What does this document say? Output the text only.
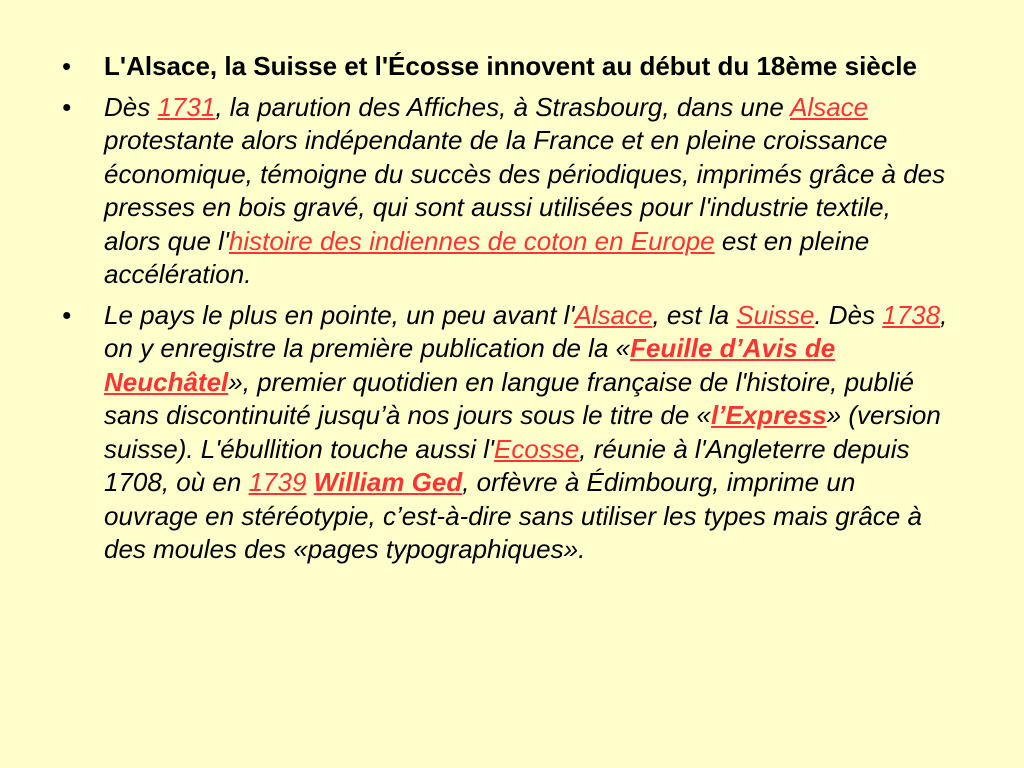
•	L'Alsace, la Suisse et l'Écosse innovent au début du 18ème siècle
•	Dès 1731, la parution des Affiches, à Strasbourg, dans une Alsace protestante alors indépendante de la France et en pleine croissance économique, témoigne du succès des périodiques, imprimés grâce à des presses en bois gravé, qui sont aussi utilisées pour l'industrie textile, alors que l'histoire des indiennes de coton en Europe est en pleine accélération.
•	Le pays le plus en pointe, un peu avant l'Alsace, est la Suisse. Dès 1738, on y enregistre la première publication de la «Feuille d’Avis de Neuchâtel», premier quotidien en langue française de l'histoire, publié sans discontinuité jusqu’à nos jours sous le titre de «l’Express» (version suisse). L'ébullition touche aussi l'Ecosse, réunie à l'Angleterre depuis 1708, où en 1739 William Ged, orfèvre à Édimbourg, imprime un ouvrage en stéréotypie, c’est-à-dire sans utiliser les types mais grâce à des moules des «pages typographiques».
